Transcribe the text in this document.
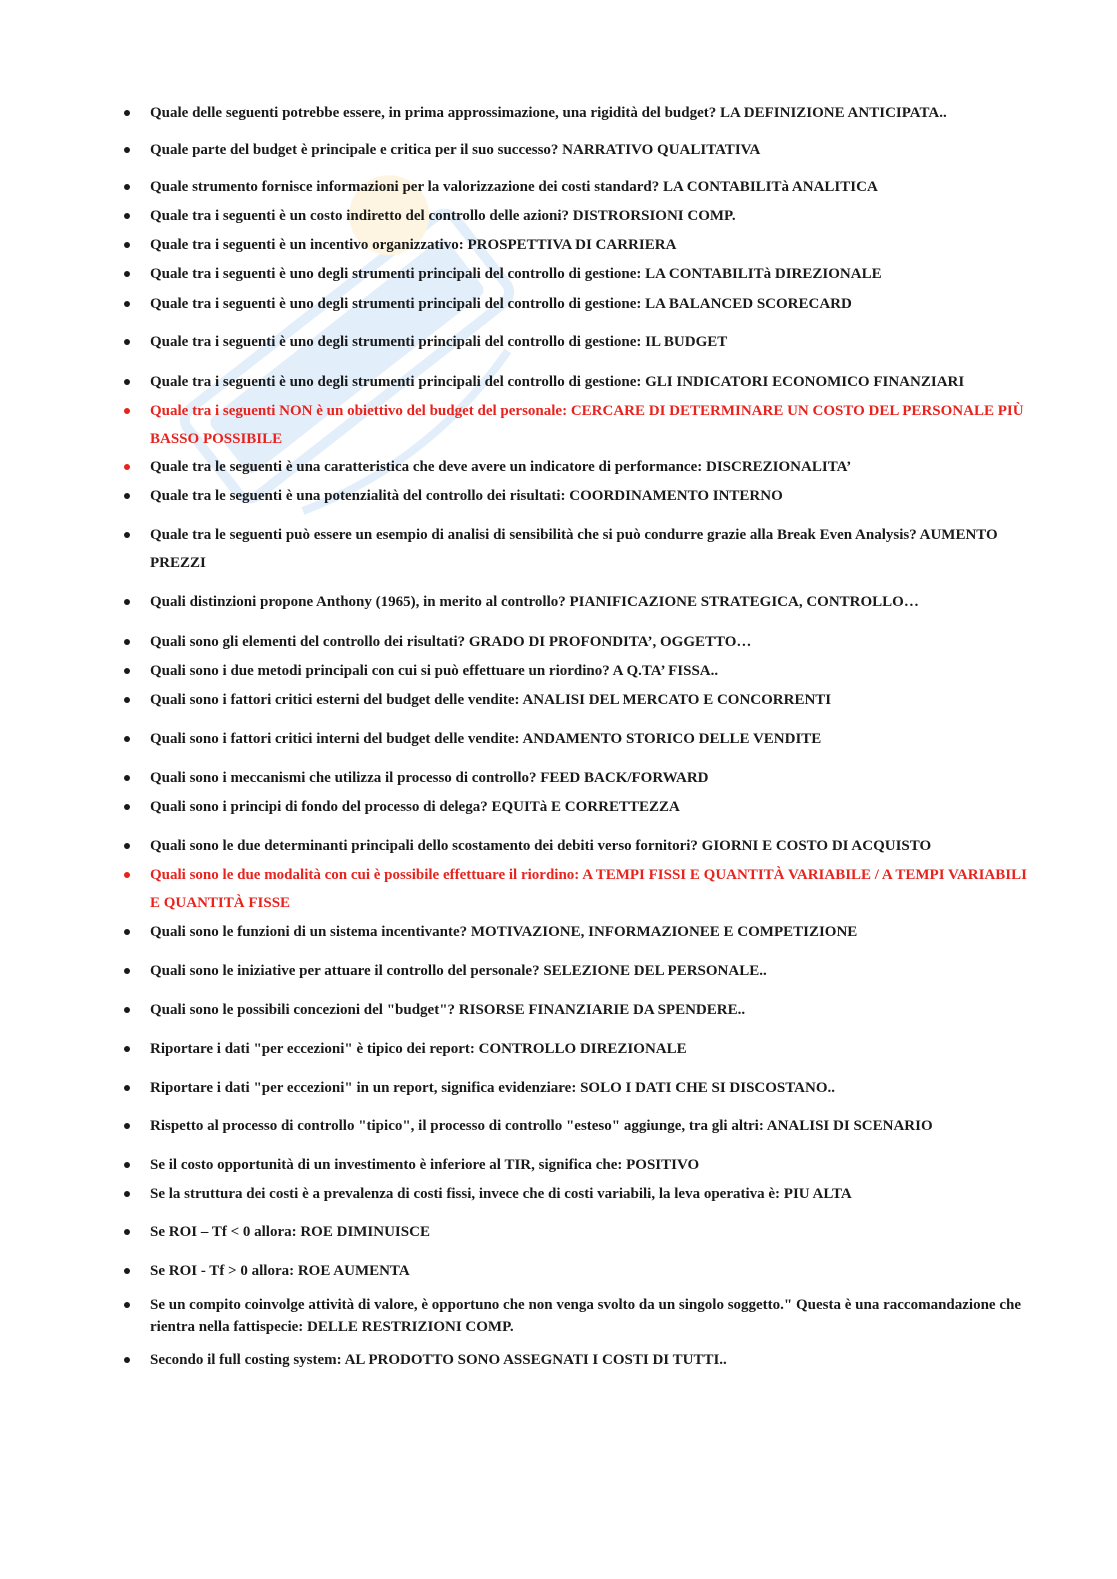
Quale delle seguenti potrebbe essere, in prima approssimazione, una rigidità del budget? LA DEFINIZIONE ANTICIPATA..
Quale parte del budget è principale e critica per il suo successo? NARRATIVO QUALITATIVA
Quale strumento fornisce informazioni per la valorizzazione dei costi standard? LA CONTABILITà ANALITICA
Quale tra i seguenti è un costo indiretto del controllo delle azioni? DISTRORSIONI COMP.
Quale tra i seguenti è un incentivo organizzativo: PROSPETTIVA DI CARRIERA
Quale tra i seguenti è uno degli strumenti principali del controllo di gestione: LA CONTABILITà DIREZIONALE
Quale tra i seguenti è uno degli strumenti principali del controllo di gestione: LA BALANCED SCORECARD
Quale tra i seguenti è uno degli strumenti principali del controllo di gestione: IL BUDGET
Quale tra i seguenti è uno degli strumenti principali del controllo di gestione: GLI INDICATORI ECONOMICO FINANZIARI
Quale tra i seguenti NON è un obiettivo del budget del personale: CERCARE DI DETERMINARE UN COSTO DEL PERSONALE PIÙ BASSO POSSIBILE
Quale tra le seguenti è una caratteristica che deve avere un indicatore di performance: DISCREZIONALITA’
Quale tra le seguenti è una potenzialità del controllo dei risultati: COORDINAMENTO INTERNO
Quale tra le seguenti può essere un esempio di analisi di sensibilità che si può condurre grazie alla Break Even Analysis? AUMENTO PREZZI
Quali distinzioni propone Anthony (1965), in merito al controllo? PIANIFICAZIONE STRATEGICA, CONTROLLO…
Quali sono gli elementi del controllo dei risultati? GRADO DI PROFONDITA’, OGGETTO…
Quali sono i due metodi principali con cui si può effettuare un riordino? A Q.TA’ FISSA..
Quali sono i fattori critici esterni del budget delle vendite: ANALISI DEL MERCATO E CONCORRENTI
Quali sono i fattori critici interni del budget delle vendite: ANDAMENTO STORICO DELLE VENDITE
Quali sono i meccanismi che utilizza il processo di controllo? FEED BACK/FORWARD
Quali sono i principi di fondo del processo di delega? EQUITà E CORRETTEZZA
Quali sono le due determinanti principali dello scostamento dei debiti verso fornitori? GIORNI E COSTO DI ACQUISTO
Quali sono le due modalità con cui è possibile effettuare il riordino: A TEMPI FISSI E QUANTITÀ VARIABILE / A TEMPI VARIABILI E QUANTITÀ FISSE
Quali sono le funzioni di un sistema incentivante? MOTIVAZIONE, INFORMAZIONEE E COMPETIZIONE
Quali sono le iniziative per attuare il controllo del personale? SELEZIONE DEL PERSONALE..
Quali sono le possibili concezioni del "budget"? RISORSE FINANZIARIE DA SPENDERE..
Riportare i dati "per eccezioni" è tipico dei report: CONTROLLO DIREZIONALE
Riportare i dati "per eccezioni" in un report, significa evidenziare: SOLO I DATI CHE SI DISCOSTANO..
Rispetto al processo di controllo "tipico", il processo di controllo "esteso" aggiunge, tra gli altri: ANALISI DI SCENARIO
Se il costo opportunità di un investimento è inferiore al TIR, significa che: POSITIVO
Se la struttura dei costi è a prevalenza di costi fissi, invece che di costi variabili, la leva operativa è: PIU ALTA
Se ROI – Tf < 0 allora: ROE DIMINUISCE
Se ROI - Tf > 0 allora: ROE AUMENTA
Se un compito coinvolge attività di valore, è opportuno che non venga svolto da un singolo soggetto." Questa è una raccomandazione che rientra nella fattispecie: DELLE RESTRIZIONI COMP.
Secondo il full costing system: AL PRODOTTO SONO ASSEGNATI I COSTI DI TUTTI..
